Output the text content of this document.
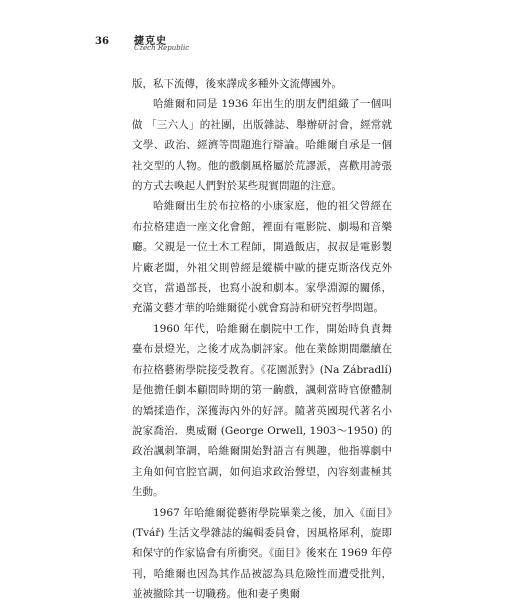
36	捷克史
Czech Republic

版，私下流傳，後來譯成多種外文流傳國外。

哈維爾和同是 1936 年出生的朋友們組織了一個叫做 「三六人」的社團，出版雜誌、舉辦研討會，經常就文學、政治、經濟等問題進行辯論。哈維爾自承是一個社交型的人物。他的戲劇風格屬於荒謬派，喜歡用誇張的方式去喚起人們對於某些現實問題的注意。

哈維爾出生於布拉格的小康家庭，他的祖父曾經在布拉格建造一座文化會館，裡面有電影院、劇場和音樂廳。父親是一位土木工程師，開過飯店，叔叔是電影製片廠老闆，外祖父則曾經是縱橫中歐的捷克斯洛伐克外交官，當過部長，也寫小說和劇本。家學淵源的關係，充滿文藝才華的哈維爾從小就會寫詩和研究哲學問題。

1960 年代，哈維爾在劇院中工作，開始時負責舞臺布景燈光，之後才成為劇評家。他在業餘期間繼續在布拉格藝術學院接受教育。《花園派對》(Na Zábradlí) 是他擔任劇本顧問時期的第一齣戲，諷刺當時官僚體制的矯揉造作，深獲海內外的好評。隨著英國現代著名小說家喬治．奧威爾 (George Orwell, 1903～1950) 的政治諷刺筆調，哈維爾開始對語言有興趣，他指導劇中主角如何官腔官調，如何追求政治聲望，內容刻畫極其生動。

1967 年哈維爾從藝術學院畢業之後，加入《面目》(Tvář) 生活文學雜誌的編輯委員會，因風格犀利，旋即和保守的作家協會有所衝突。《面目》後來在 1969 年停刊，哈維爾也因為其作品被認為具危險性而遭受批判，並被撤除其一切職務。他和妻子奧爾
